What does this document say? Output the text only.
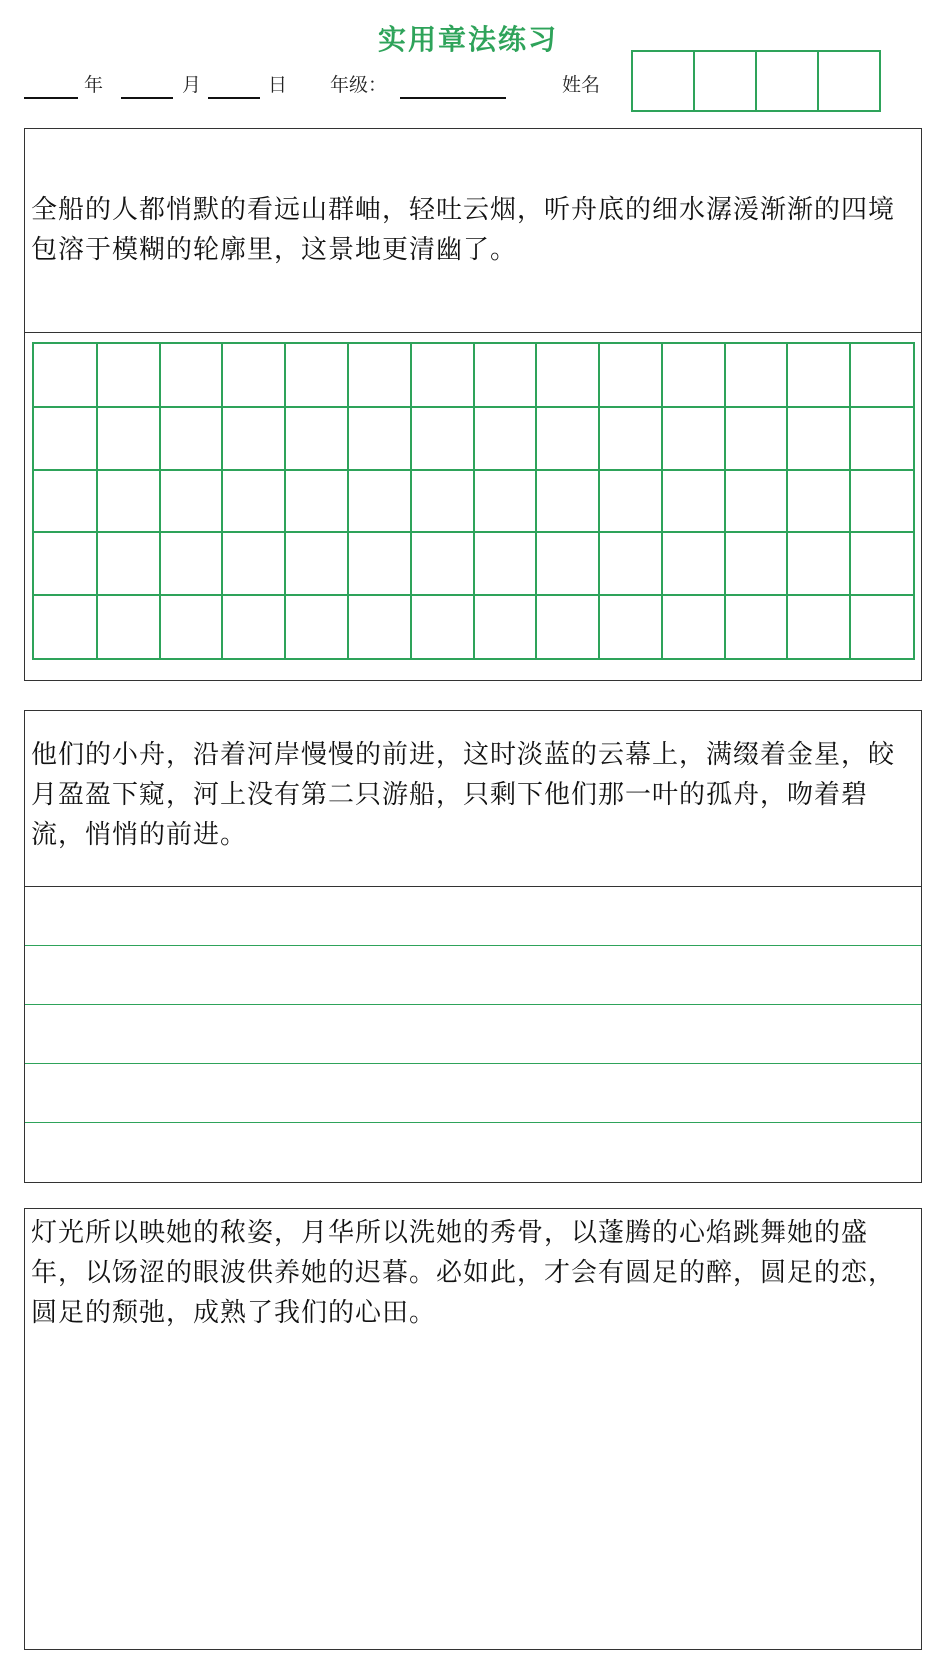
实用章法练习
年	月	日 年级：	姓名
全船的人都悄默的看远山群岫，轻吐云烟，听舟底的细水潺湲渐渐的四境包溶于模糊的轮廓里，这景地更清幽了。
他们的小舟，沿着河岸慢慢的前进，这时淡蓝的云幕上，满缀着金星，皎月盈盈下窥，河上没有第二只游船，只剩下他们那一叶的孤舟，吻着碧流，悄悄的前进。
灯光所以映她的秾姿，月华所以洗她的秀骨，以蓬腾的心焰跳舞她的盛年，以饧涩的眼波供养她的迟暮。必如此，才会有圆足的醉，圆足的恋，圆足的颓弛，成熟了我们的心田。
